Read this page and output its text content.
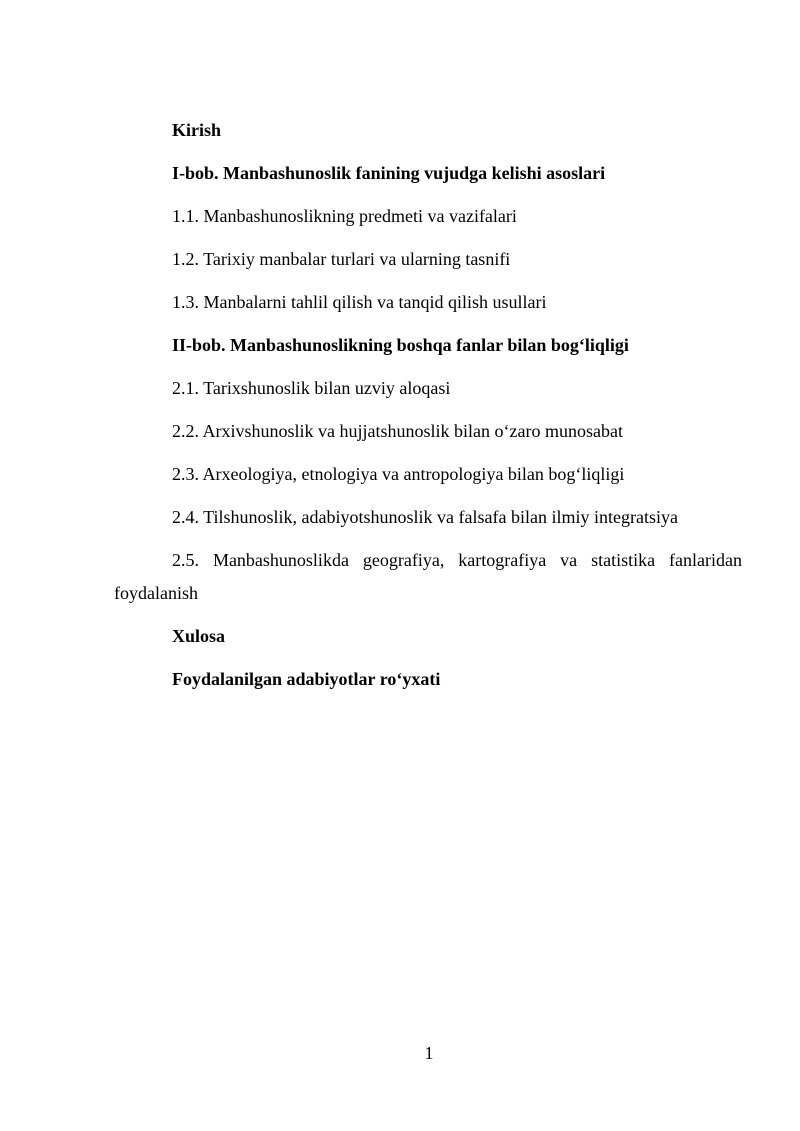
Kirish

I-bob. Manbashunoslik fanining vujudga kelishi asoslari

1.1. Manbashunoslikning predmeti va vazifalari

1.2. Tarixiy manbalar turlari va ularning tasnifi

1.3. Manbalarni tahlil qilish va tanqid qilish usullari

II-bob. Manbashunoslikning boshqa fanlar bilan bog‘liqligi

2.1. Tarixshunoslik bilan uzviy aloqasi

2.2. Arxivshunoslik va hujjatshunoslik bilan o‘zaro munosabat

2.3. Arxeologiya, etnologiya va antropologiya bilan bog‘liqligi

2.4. Tilshunoslik, adabiyotshunoslik va falsafa bilan ilmiy integratsiya

2.5. Manbashunoslikda geografiya, kartografiya va statistika fanlaridan foydalanish

Xulosa

Foydalanilgan adabiyotlar ro‘yxati

1
